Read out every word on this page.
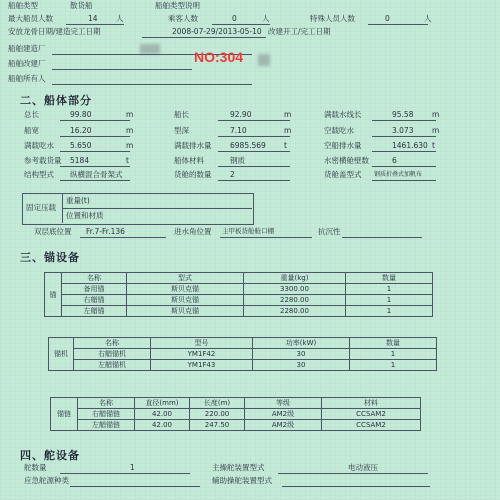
船舶类型	散货船	船舶类型说明
最大船员人数	14 人	乘客人数	0	人	特殊人员人数	0	人
安放龙骨日期/建造完工日期	2008-07-29/2013-05-10 改建开工/完工日期
船舶建造厂
NO:304
船舶改建厂
船舶所有人
二、船体部分
总长	99.80	m	船长	92.90	m	满载水线长	95.58 m
船宽	16.20	m	型深	7.10	m	空载吃水	3.073 m
满载吃水 5.650	m	满载排水量 6985.569 t	空船排水量	1461.630 t
参考载货量 5184	t	船体材料	钢质	水密横舱壁数	6
结构型式 纵横混合骨架式	货舱的数量 2	货舱盖型式 钢质折叠式加帆布
固定压载
重量(t)
位置和材质
双层底位置 Fr.7-Fr.136	进水角位置 主甲板货舱舱口棚	抗沉性
三、锚设备
锚	名称	型式	重量(kg)	数量
	备用锚	斯贝克锚	3300.00	1
	右艏锚	斯贝克锚	2280.00	1
	左艏锚	斯贝克锚	2280.00	1
锚机	名称	型号	功率(kW)	数量
	右艏锚机	YM1F42	30	1
	左艏锚机	YM1F43	30	1
锚链	名称	直径(mm)	长度(m)	等级	材料
	右艏锚链	42.00	220.00	AM2级	CCSAM2
	左艏锚链	42.00	247.50	AM2级	CCSAM2
四、舵设备
舵数量	1	主操舵装置型式	电动液压
应急舵源种类	辅助操舵装置型式
